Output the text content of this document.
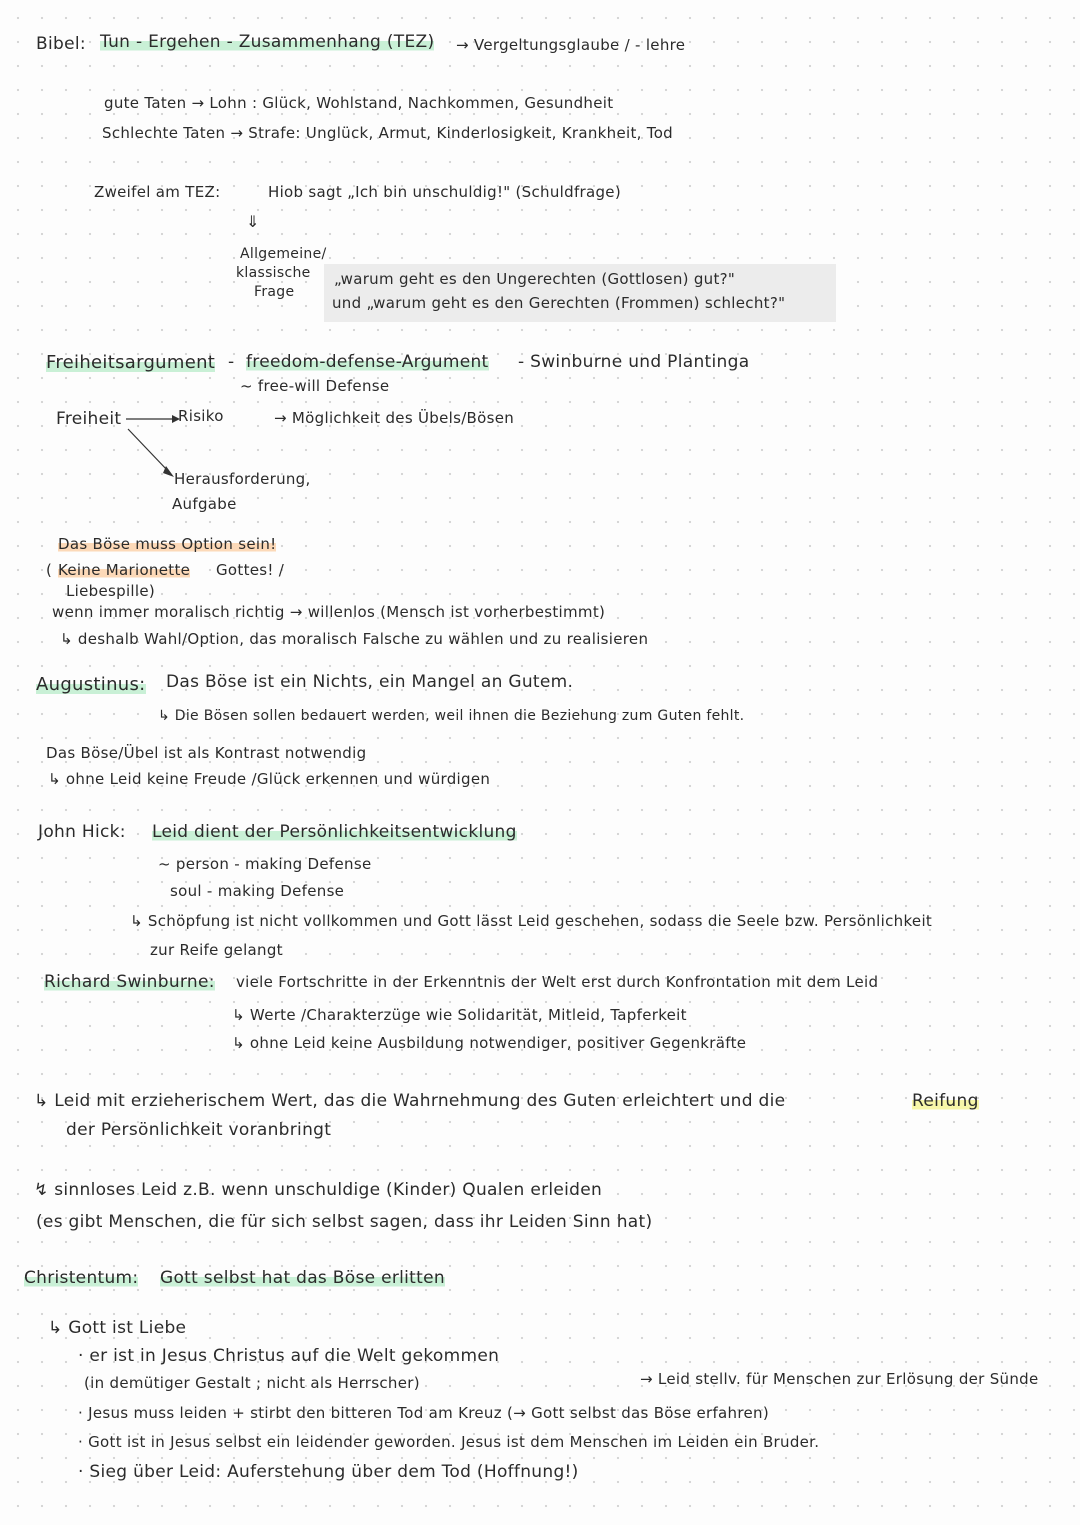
Bibel: Tun - Ergehen - Zusammenhang (TEZ) → Vergeltungsglaube / - lehre
gute Taten → Lohn : Glück, Wohlstand, Nachkommen, Gesundheit
Schlechte Taten → Strafe: Unglück, Armut, Kinderlosigkeit, Krankheit, Tod
Zweifel am TEZ:	Hiob sagt „Ich bin unschuldig!" (Schuldfrage)
⇓
Allgemeine/
klassische
Frage
„warum geht es den Ungerechten (Gottlosen) gut?"
und „warum geht es den Gerechten (Frommen) schlecht?"
Freiheitsargument - freedom-defense-Argument - Swinburne und Plantinga
~ free-will Defense
Freiheit	Risiko	→ Möglichkeit des Übels/Bösen
Herausforderung,
Aufgabe
Das Böse muss Option sein!
( Keine Marionette Gottes! /
Liebespille)
wenn immer moralisch richtig → willenlos (Mensch ist vorherbestimmt)
↳ deshalb Wahl/Option, das moralisch Falsche zu wählen und zu realisieren
Augustinus: Das Böse ist ein Nichts, ein Mangel an Gutem.
↳ Die Bösen sollen bedauert werden, weil ihnen die Beziehung zum Guten fehlt.
Das Böse/Übel ist als Kontrast notwendig
↳ ohne Leid keine Freude /Glück erkennen und würdigen
John Hick: Leid dient der Persönlichkeitsentwicklung
~ person - making Defense
soul - making Defense
↳ Schöpfung ist nicht vollkommen und Gott lässt Leid geschehen, sodass die Seele bzw. Persönlichkeit
zur Reife gelangt
Richard Swinburne: viele Fortschritte in der Erkenntnis der Welt erst durch Konfrontation mit dem Leid
↳ Werte /Charakterzüge wie Solidarität, Mitleid, Tapferkeit
↳ ohne Leid keine Ausbildung notwendiger, positiver Gegenkräfte
↳ Leid mit erzieherischem Wert, das die Wahrnehmung des Guten erleichtert und die	Reifung
der Persönlichkeit voranbringt
↯ sinnloses Leid z.B. wenn unschuldige (Kinder) Qualen erleiden
(es gibt Menschen, die für sich selbst sagen, dass ihr Leiden Sinn hat)
Christentum: Gott selbst hat das Böse erlitten
↳ Gott ist Liebe
· er ist in Jesus Christus auf die Welt gekommen
(in demütiger Gestalt ; nicht als Herrscher)	→ Leid stellv. für Menschen zur Erlösung der Sünde
· Jesus muss leiden + stirbt den bitteren Tod am Kreuz (→ Gott selbst das Böse erfahren)
· Gott ist in Jesus selbst ein leidender geworden. Jesus ist dem Menschen im Leiden ein Bruder.
· Sieg über Leid: Auferstehung über dem Tod (Hoffnung!)
